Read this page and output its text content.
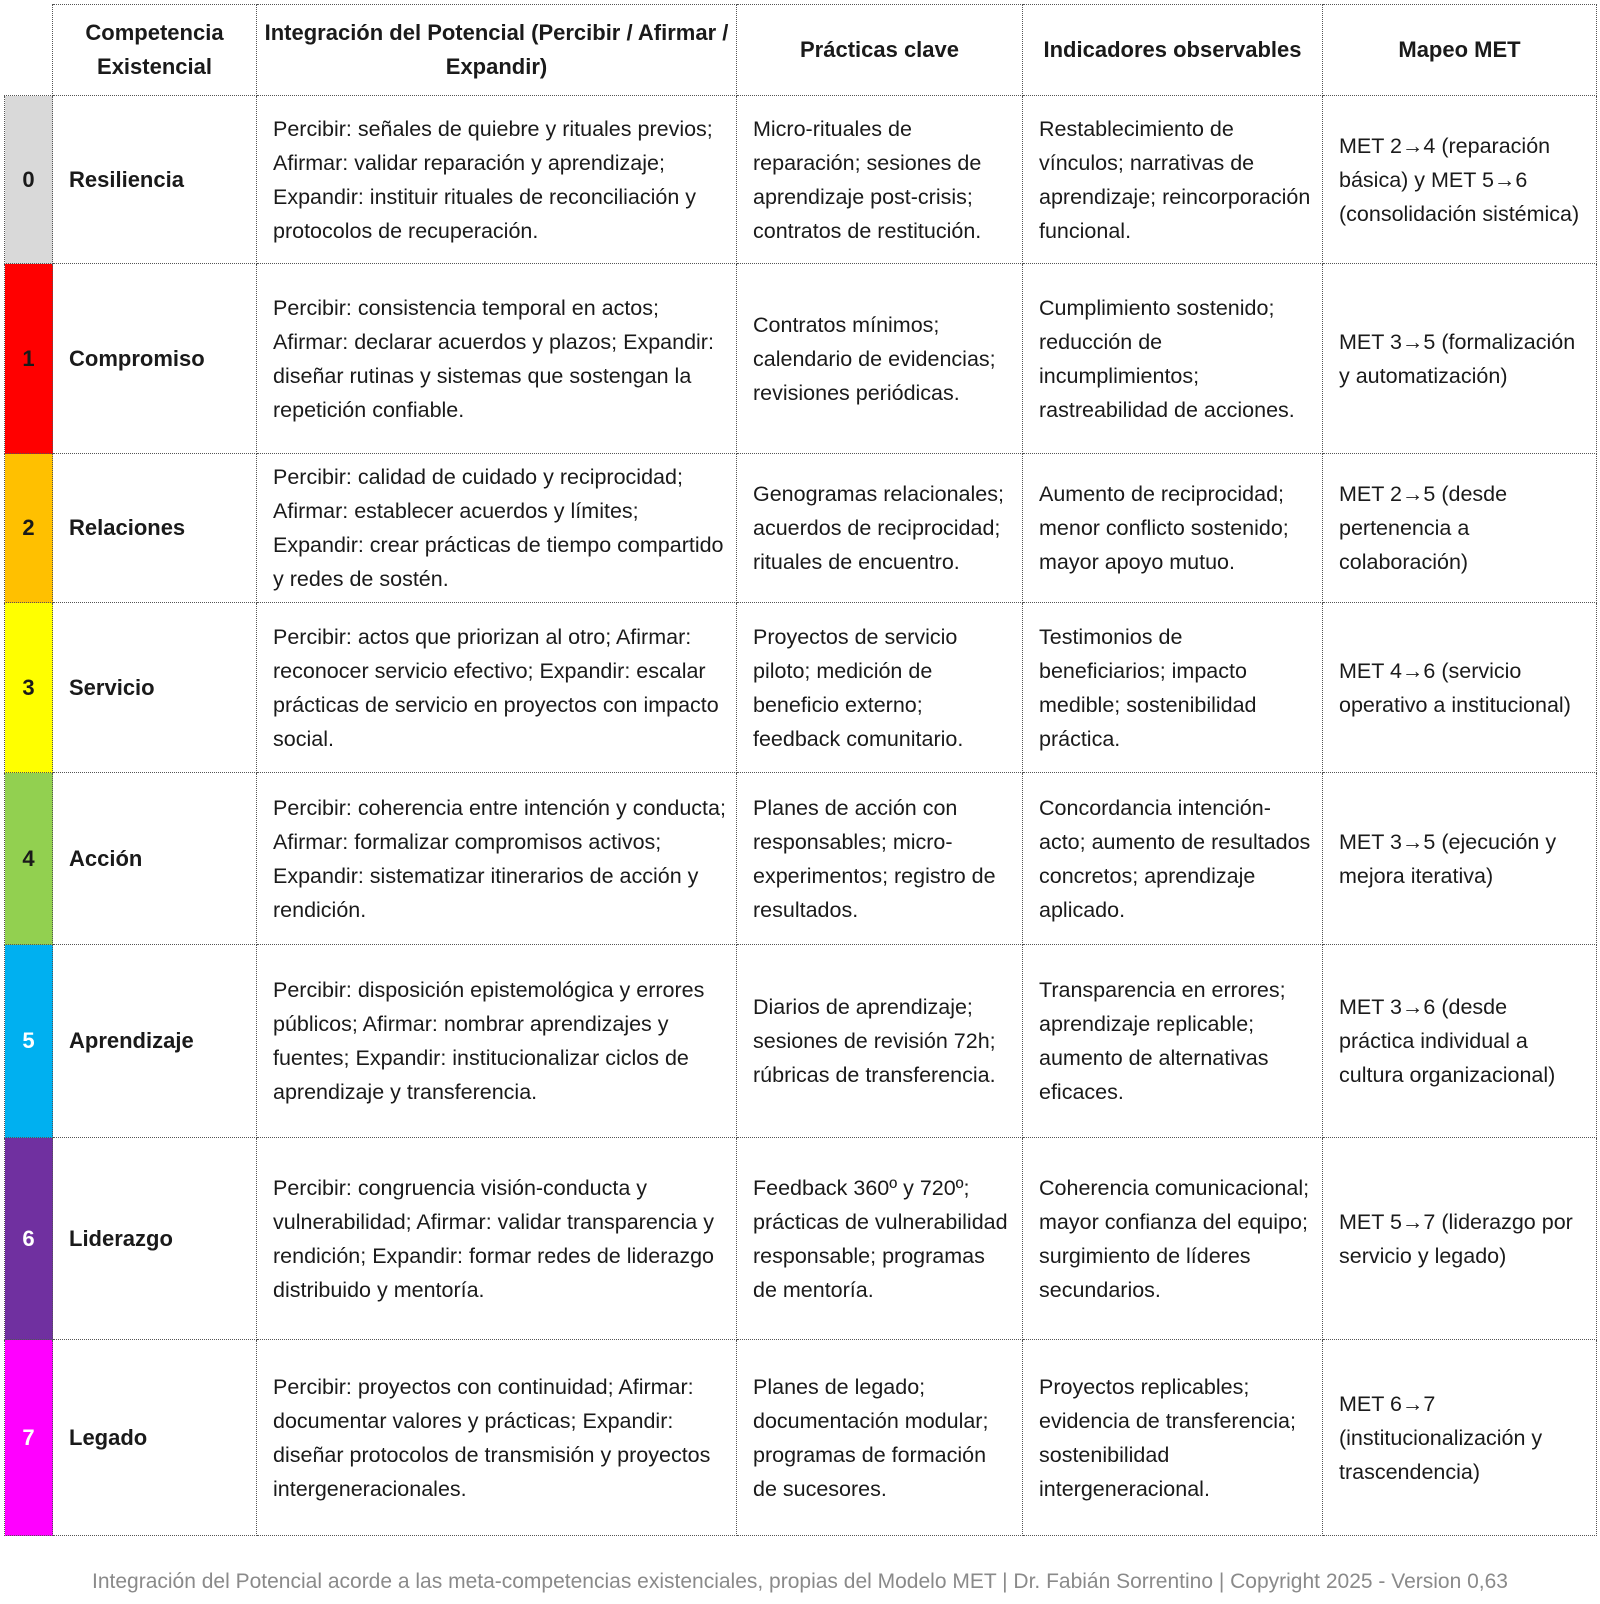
	Competencia Existencial	Integración del Potencial (Percibir / Afirmar / Expandir)	Prácticas clave	Indicadores observables	Mapeo MET
0	Resiliencia	Percibir: señales de quiebre y rituales previos; Afirmar: validar reparación y aprendizaje; Expandir: instituir rituales de reconciliación y protocolos de recuperación.	Micro-rituales de reparación; sesiones de aprendizaje post-crisis; contratos de restitución.	Restablecimiento de vínculos; narrativas de aprendizaje; reincorporación funcional.	MET 2→4 (reparación básica) y MET 5→6 (consolidación sistémica)
1	Compromiso	Percibir: consistencia temporal en actos; Afirmar: declarar acuerdos y plazos; Expandir: diseñar rutinas y sistemas que sostengan la repetición confiable.	Contratos mínimos; calendario de evidencias; revisiones periódicas.	Cumplimiento sostenido; reducción de incumplimientos; rastreabilidad de acciones.	MET 3→5 (formalización y automatización)
2	Relaciones	Percibir: calidad de cuidado y reciprocidad; Afirmar: establecer acuerdos y límites; Expandir: crear prácticas de tiempo compartido y redes de sostén.	Genogramas relacionales; acuerdos de reciprocidad; rituales de encuentro.	Aumento de reciprocidad; menor conflicto sostenido; mayor apoyo mutuo.	MET 2→5 (desde pertenencia a colaboración)
3	Servicio	Percibir: actos que priorizan al otro; Afirmar: reconocer servicio efectivo; Expandir: escalar prácticas de servicio en proyectos con impacto social.	Proyectos de servicio piloto; medición de beneficio externo; feedback comunitario.	Testimonios de beneficiarios; impacto medible; sostenibilidad práctica.	MET 4→6 (servicio operativo a institucional)
4	Acción	Percibir: coherencia entre intención y conducta; Afirmar: formalizar compromisos activos; Expandir: sistematizar itinerarios de acción y rendición.	Planes de acción con responsables; micro-experimentos; registro de resultados.	Concordancia intención-acto; aumento de resultados concretos; aprendizaje aplicado.	MET 3→5 (ejecución y mejora iterativa)
5	Aprendizaje	Percibir: disposición epistemológica y errores públicos; Afirmar: nombrar aprendizajes y fuentes; Expandir: institucionalizar ciclos de aprendizaje y transferencia.	Diarios de aprendizaje; sesiones de revisión 72h; rúbricas de transferencia.	Transparencia en errores; aprendizaje replicable; aumento de alternativas eficaces.	MET 3→6 (desde práctica individual a cultura organizacional)
6	Liderazgo	Percibir: congruencia visión-conducta y vulnerabilidad; Afirmar: validar transparencia y rendición; Expandir: formar redes de liderazgo distribuido y mentoría.	Feedback 360º y 720º; prácticas de vulnerabilidad responsable; programas de mentoría.	Coherencia comunicacional; mayor confianza del equipo; surgimiento de líderes secundarios.	MET 5→7 (liderazgo por servicio y legado)
7	Legado	Percibir: proyectos con continuidad; Afirmar: documentar valores y prácticas; Expandir: diseñar protocolos de transmisión y proyectos intergeneracionales.	Planes de legado; documentación modular; programas de formación de sucesores.	Proyectos replicables; evidencia de transferencia; sostenibilidad intergeneracional.	MET 6→7 (institucionalización y trascendencia)
Integración del Potencial acorde a las meta-competencias existenciales, propias del Modelo MET | Dr. Fabián Sorrentino | Copyright 2025 - Version 0,63
